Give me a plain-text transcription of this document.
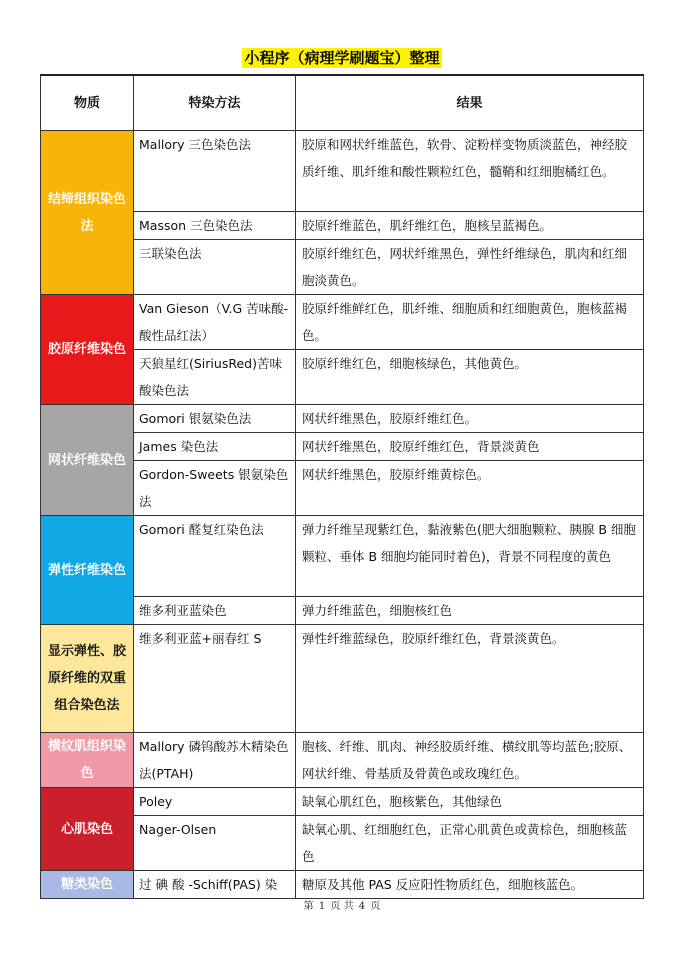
小程序（病理学刷题宝）整理
物质	特染方法	结果
结缔组织染色法	Mallory 三色染色法	胶原和网状纤维蓝色，软骨、淀粉样变物质淡蓝色，神经胶质纤维、肌纤维和酸性颗粒红色，髓鞘和红细胞橘红色。
	Masson 三色染色法	胶原纤维蓝色，肌纤维红色，胞核呈蓝褐色。
	三联染色法	胶原纤维红色，网状纤维黑色，弹性纤维绿色，肌肉和红细胞淡黄色。
胶原纤维染色	Van Gieson（V.G 苦味酸-酸性品红法）	胶原纤维鲜红色，肌纤维、细胞质和红细胞黄色，胞核蓝褐色。
	天狼星红(SiriusRed)苦味酸染色法	胶原纤维红色，细胞核绿色，其他黄色。
网状纤维染色	Gomori 银氨染色法	网状纤维黑色，胶原纤维红色。
	James 染色法	网状纤维黑色，胶原纤维红色，背景淡黄色
	Gordon-Sweets 银氨染色法	网状纤维黑色，胶原纤维黄棕色。
弹性纤维染色	Gomori 醛复红染色法	弹力纤维呈现紫红色，黏液紫色(肥大细胞颗粒、胰腺 B 细胞颗粒、垂体 B 细胞均能同时着色)，背景不同程度的黄色
	维多利亚蓝染色	弹力纤维蓝色，细胞核红色
显示弹性、胶原纤维的双重组合染色法	维多利亚蓝+丽春红 S	弹性纤维蓝绿色，胶原纤维红色，背景淡黄色。
横纹肌组织染色	Mallory 磷钨酸苏木精染色法(PTAH)	胞核、纤维、肌肉、神经胶质纤维、横纹肌等均蓝色;胶原、网状纤维、骨基质及骨黄色或玫瑰红色。
心肌染色	Poley	缺氧心肌红色，胞核紫色，其他绿色
	Nager-Olsen	缺氧心肌、红细胞红色，正常心肌黄色或黄棕色，细胞核蓝色
糖类染色	过 碘 酸 -Schiff(PAS) 染	糖原及其他 PAS 反应阳性物质红色，细胞核蓝色。
第 1 页 共 4 页
